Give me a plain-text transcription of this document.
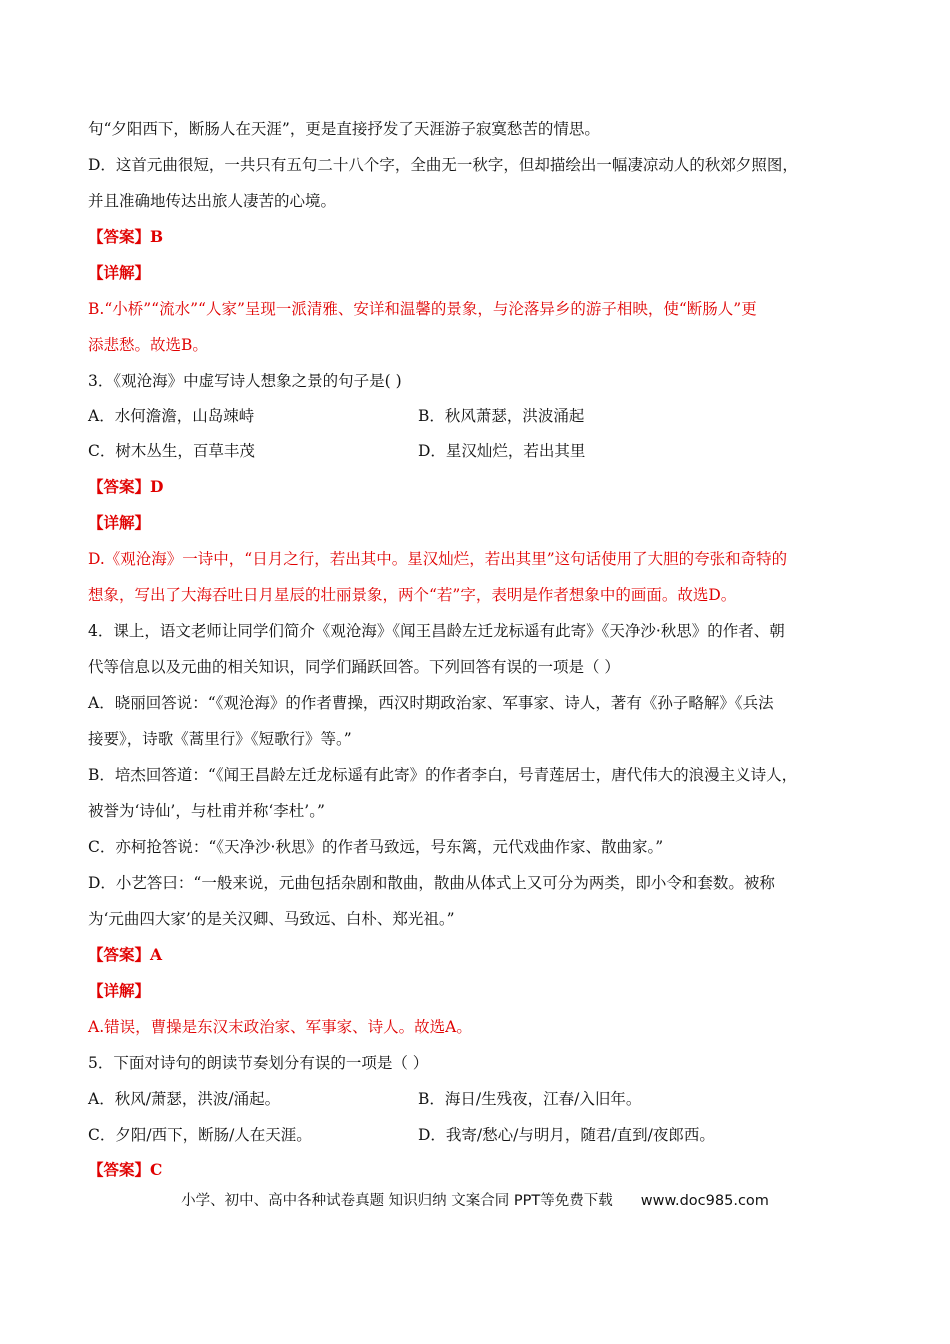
句“夕阳西下，断肠人在天涯”，更是直接抒发了天涯游子寂寞愁苦的情思。
D．这首元曲很短，一共只有五句二十八个字，全曲无一秋字，但却描绘出一幅凄凉动人的秋郊夕照图，
并且准确地传达出旅人凄苦的心境。
【答案】B
【详解】
B.“小桥”“流水”“人家”呈现一派清雅、安详和温馨的景象，与沦落异乡的游子相映，使“断肠人”更
添悲愁。故选B。
3．《观沧海》中虚写诗人想象之景的句子是( )
A．水何澹澹，山岛竦峙	B．秋风萧瑟，洪波涌起
C．树木丛生，百草丰茂	D．星汉灿烂，若出其里
【答案】D
【详解】
D.《观沧海》一诗中，“日月之行，若出其中。星汉灿烂，若出其里”这句话使用了大胆的夸张和奇特的
想象，写出了大海吞吐日月星辰的壮丽景象，两个“若”字，表明是作者想象中的画面。故选D。
4．课上，语文老师让同学们简介《观沧海》《闻王昌龄左迁龙标遥有此寄》《天净沙·秋思》的作者、朝
代等信息以及元曲的相关知识，同学们踊跃回答。下列回答有误的一项是（ ）
A．晓丽回答说：“《观沧海》的作者曹操，西汉时期政治家、军事家、诗人，著有《孙子略解》《兵法
接要》，诗歌《蒿里行》《短歌行》等。”
B．培杰回答道：“《闻王昌龄左迁龙标遥有此寄》的作者李白，号青莲居士，唐代伟大的浪漫主义诗人，
被誉为‘诗仙’，与杜甫并称‘李杜’。”
C．亦柯抢答说：“《天净沙·秋思》的作者马致远，号东篱，元代戏曲作家、散曲家。”
D．小艺答曰：“一般来说，元曲包括杂剧和散曲，散曲从体式上又可分为两类，即小令和套数。被称
为‘元曲四大家’的是关汉卿、马致远、白朴、郑光祖。”
【答案】A
【详解】
A.错误，曹操是东汉末政治家、军事家、诗人。故选A。
5．下面对诗句的朗读节奏划分有误的一项是（ ）
A．秋风/萧瑟，洪波/涌起。	B．海日/生残夜，江春/入旧年。
C．夕阳/西下，断肠/人在天涯。	D．我寄/愁心/与明月，随君/直到/夜郎西。
【答案】C
小学、初中、高中各种试卷真题 知识归纳 文案合同 PPT等免费下载 www.doc985.com
